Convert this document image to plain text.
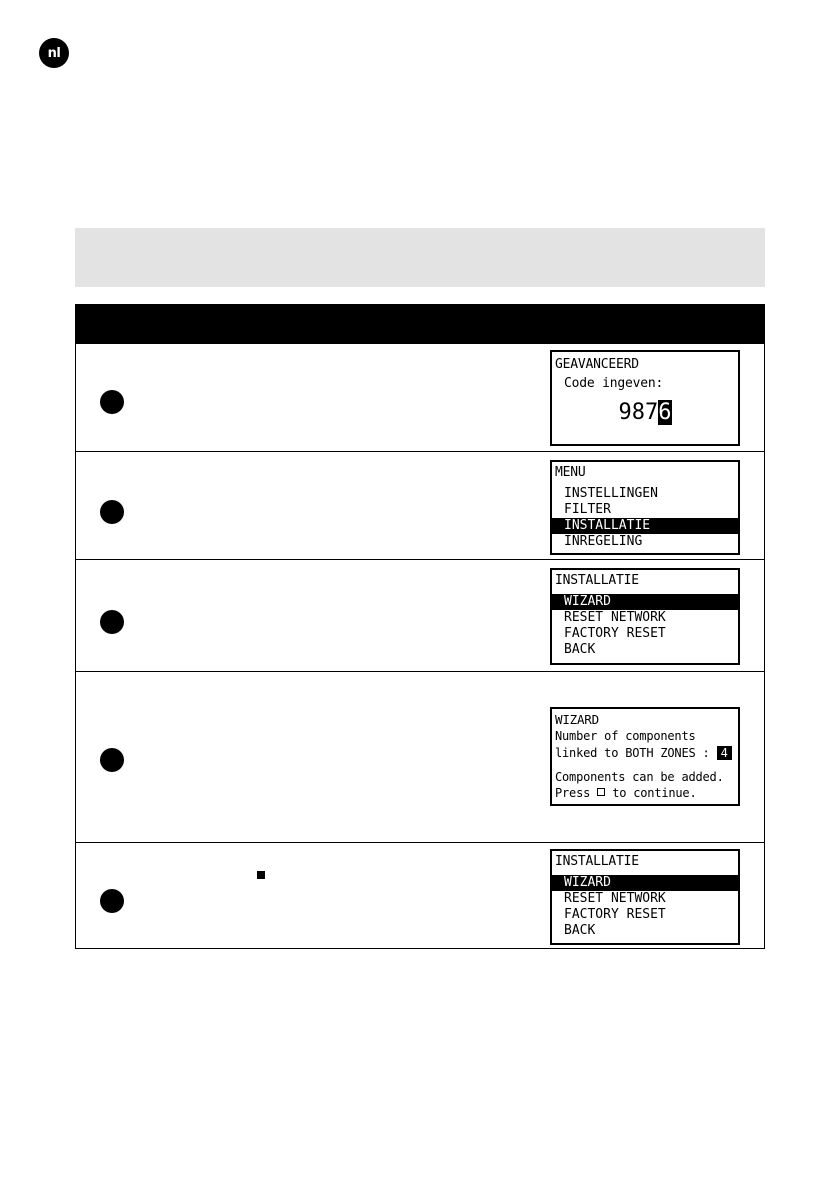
nl
GEAVANCEERD
Code ingeven:
9876
MENU
INSTELLINGEN
FILTER
INSTALLATIE
INREGELING
INSTALLATIE
WIZARD
RESET NETWORK
FACTORY RESET
BACK
WIZARD
Number of components
linked to BOTH ZONES : 4
Components can be added.
Press to continue.
INSTALLATIE
WIZARD
RESET NETWORK
FACTORY RESET
BACK
